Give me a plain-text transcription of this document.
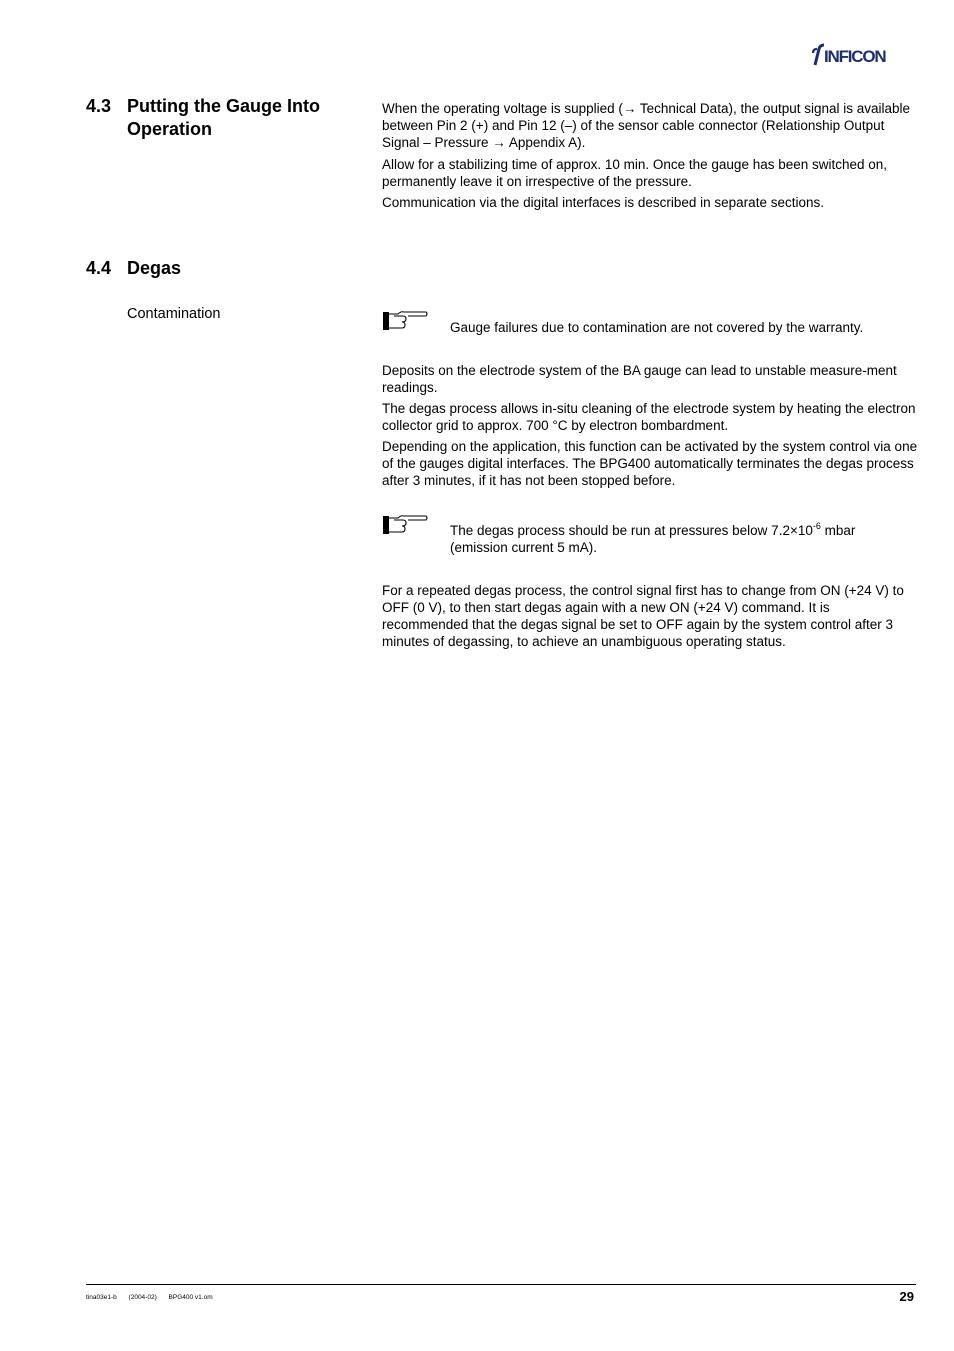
INFICON
4.3 Putting the Gauge Into
Operation
When the operating voltage is supplied (→ Technical Data), the output signal is available between Pin 2 (+) and Pin 12 (–) of the sensor cable connector (Relationship Output Signal – Pressure → Appendix A).
Allow for a stabilizing time of approx. 10 min. Once the gauge has been switched on, permanently leave it on irrespective of the pressure.
Communication via the digital interfaces is described in separate sections.
4.4 Degas
Contamination
Gauge failures due to contamination are not covered by the warranty.
Deposits on the electrode system of the BA gauge can lead to unstable measure-ment readings.
The degas process allows in-situ cleaning of the electrode system by heating the electron collector grid to approx. 700 °C by electron bombardment.
Depending on the application, this function can be activated by the system control via one of the gauges digital interfaces. The BPG400 automatically terminates the degas process after 3 minutes, if it has not been stopped before.
The degas process should be run at pressures below $7.2\times 10^{-6}$ mbar (emission current 5 mA).
For a repeated degas process, the control signal first has to change from ON (+24 V) to OFF (0 V), to then start degas again with a new ON (+24 V) command. It is recommended that the degas signal be set to OFF again by the system control after 3 minutes of degassing, to achieve an unambiguous operating status.
tina03e1-b (2004-02) BPG400 v1.om	29
